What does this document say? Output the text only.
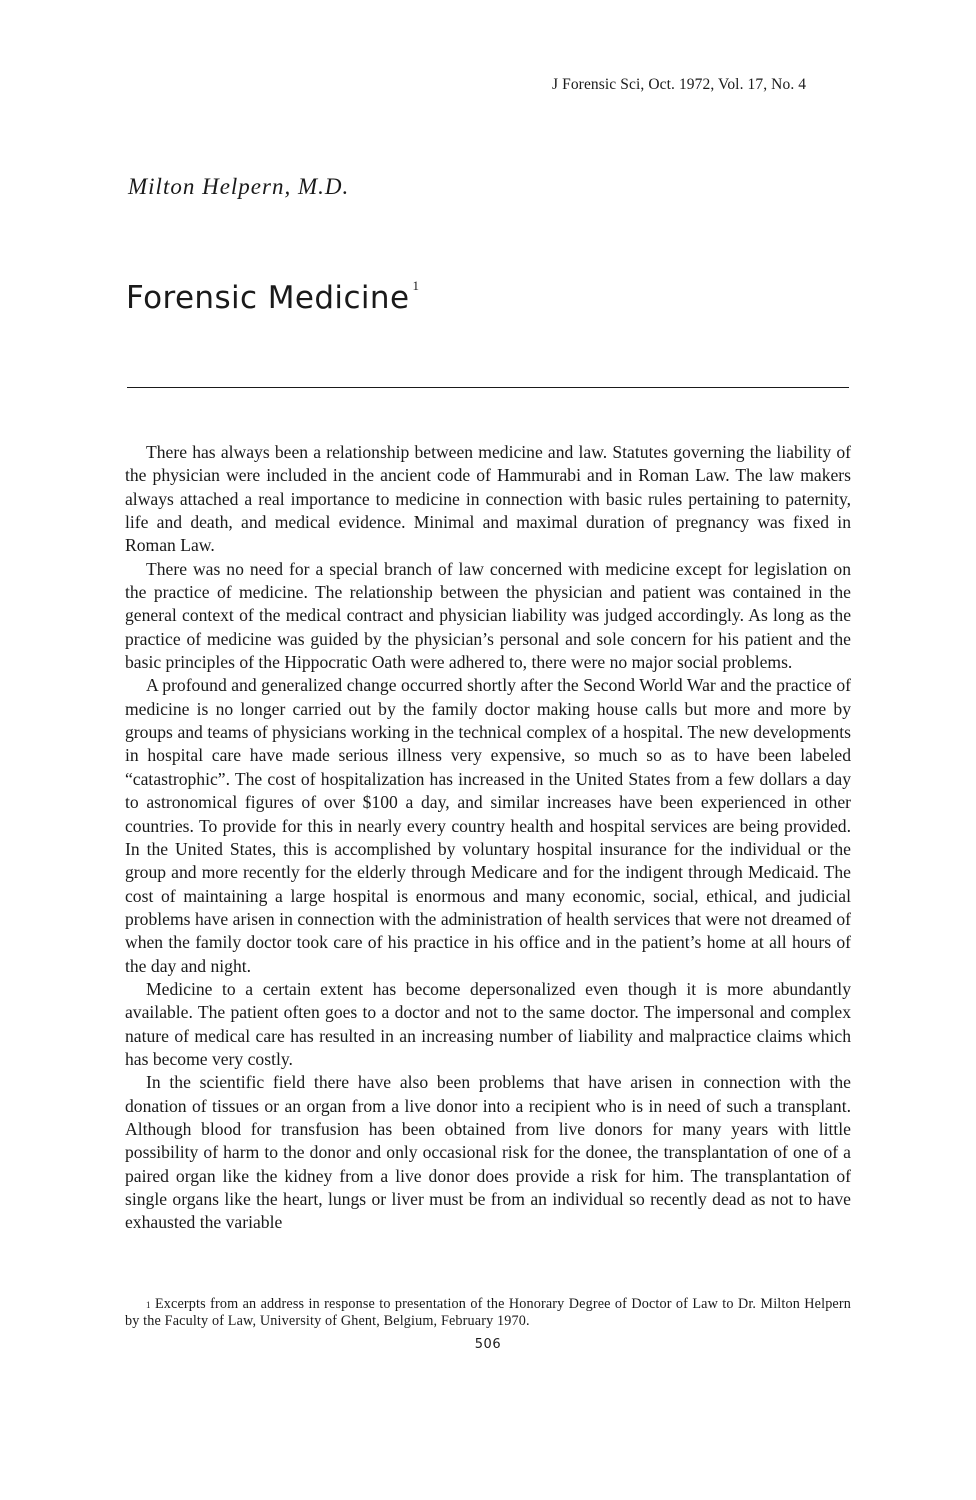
J Forensic Sci, Oct. 1972, Vol. 17, No. 4
Milton Helpern, M.D.
Forensic Medicine $^1$

There has always been a relationship between medicine and law. Statutes governing the liability of the physician were included in the ancient code of Hammurabi and in Roman Law. The law makers always attached a real importance to medicine in connection with basic rules pertaining to paternity, life and death, and medical evidence. Minimal and maximal duration of pregnancy was fixed in Roman Law.

There was no need for a special branch of law concerned with medicine except for legislation on the practice of medicine. The relationship between the physician and patient was contained in the general context of the medical contract and physician liability was judged accordingly. As long as the practice of medicine was guided by the physician’s personal and sole concern for his patient and the basic principles of the Hippocratic Oath were adhered to, there were no major social problems.

A profound and generalized change occurred shortly after the Second World War and the practice of medicine is no longer carried out by the family doctor making house calls but more and more by groups and teams of physicians working in the technical complex of a hospital. The new developments in hospital care have made serious illness very expensive, so much so as to have been labeled “catastrophic”. The cost of hospitalization has increased in the United States from a few dollars a day to astronomical figures of over $100 a day, and similar increases have been experienced in other countries. To provide for this in nearly every country health and hospital services are being provided. In the United States, this is accomplished by voluntary hospital insurance for the individual or the group and more recently for the elderly through Medicare and for the indigent through Medicaid. The cost of maintaining a large hospital is enormous and many economic, social, ethical, and judicial problems have arisen in connection with the administration of health services that were not dreamed of when the family doctor took care of his practice in his office and in the patient’s home at all hours of the day and night.

Medicine to a certain extent has become depersonalized even though it is more abundantly available. The patient often goes to a doctor and not to the same doctor. The impersonal and complex nature of medical care has resulted in an increasing number of liability and malpractice claims which has become very costly.

In the scientific field there have also been problems that have arisen in connection with the donation of tissues or an organ from a live donor into a recipient who is in need of such a transplant. Although blood for transfusion has been obtained from live donors for many years with little possibility of harm to the donor and only occasional risk for the donee, the transplantation of one of a paired organ like the kidney from a live donor does provide a risk for him. The transplantation of single organs like the heart, lungs or liver must be from an individual so recently dead as not to have exhausted the variable

$^1$ Excerpts from an address in response to presentation of the Honorary Degree of Doctor of Law to Dr. Milton Helpern by the Faculty of Law, University of Ghent, Belgium, February 1970.
506
